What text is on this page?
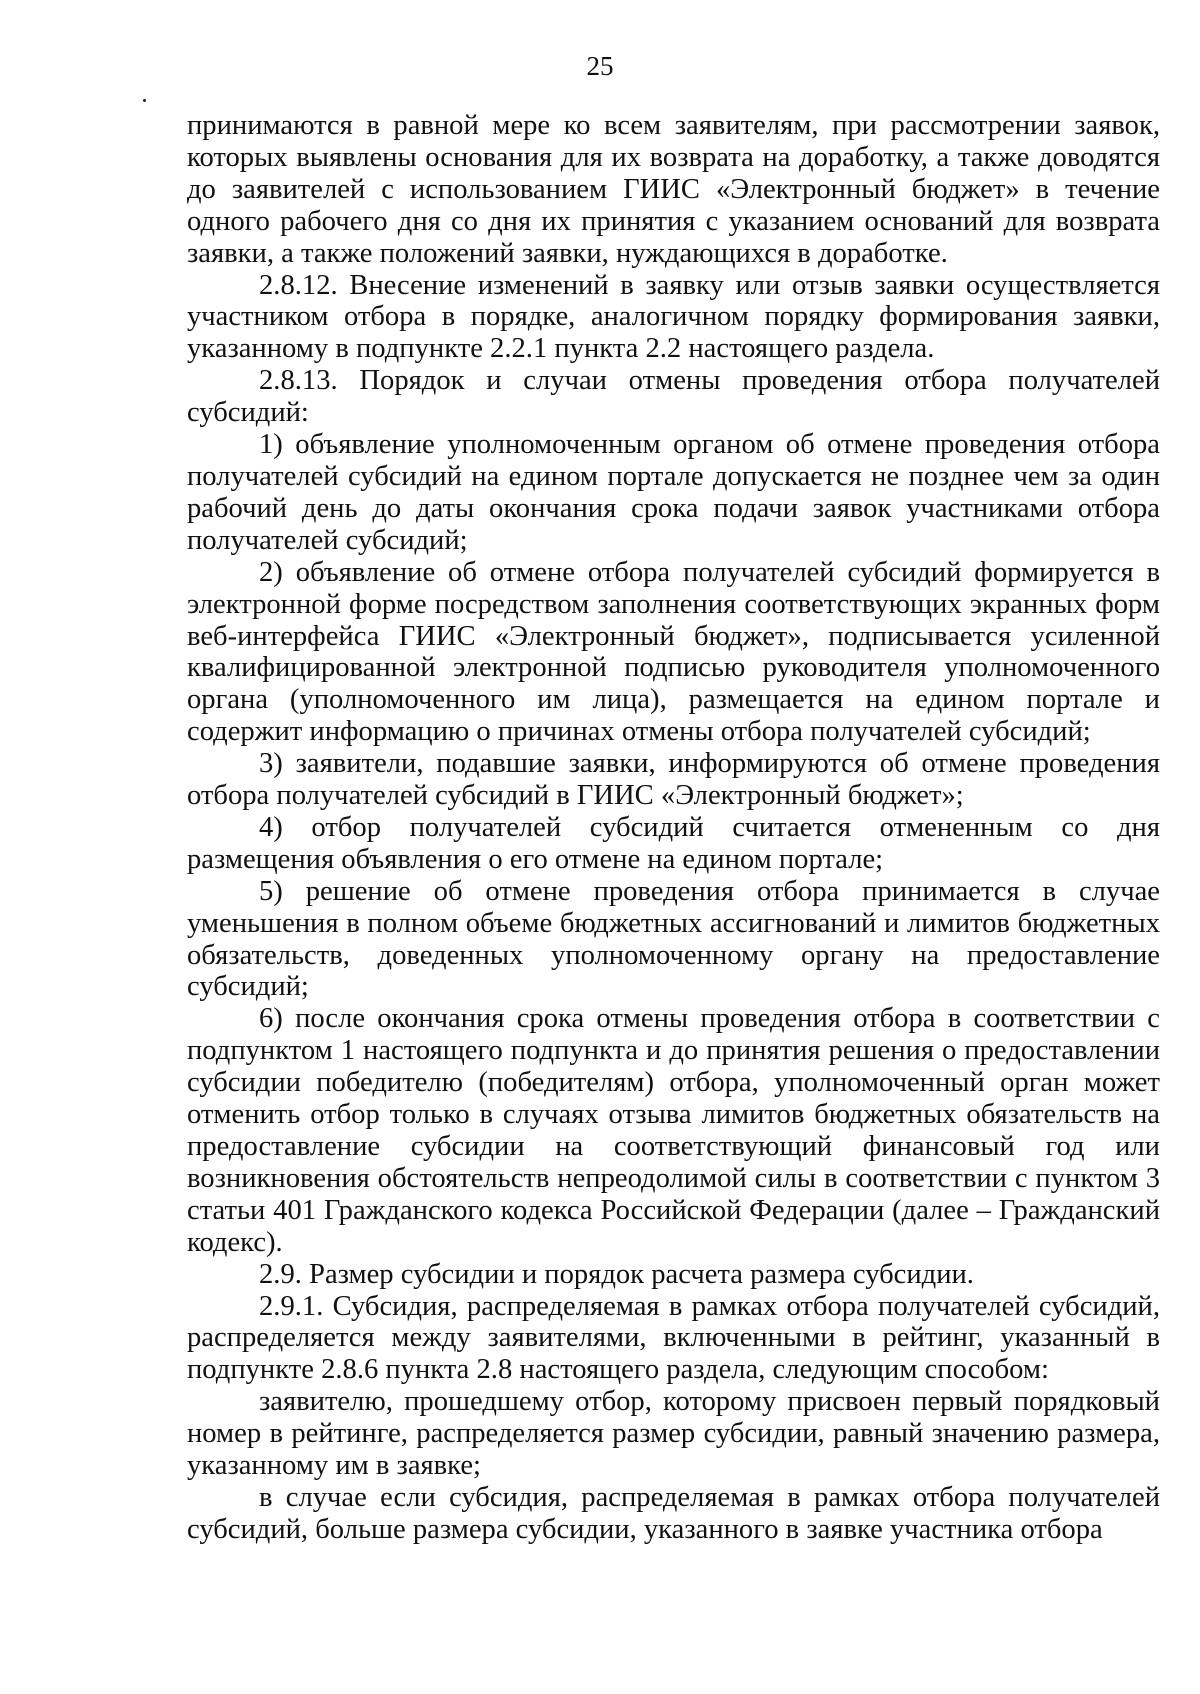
25

принимаются в равной мере ко всем заявителям, при рассмотрении заявок, которых выявлены основания для их возврата на доработку, а также доводятся до заявителей с использованием ГИИС «Электронный бюджет» в течение одного рабочего дня со дня их принятия с указанием оснований для возврата заявки, а также положений заявки, нуждающихся в доработке.

2.8.12. Внесение изменений в заявку или отзыв заявки осуществляется участником отбора в порядке, аналогичном порядку формирования заявки, указанному в подпункте 2.2.1 пункта 2.2 настоящего раздела.

2.8.13. Порядок и случаи отмены проведения отбора получателей субсидий:

1) объявление уполномоченным органом об отмене проведения отбора получателей субсидий на едином портале допускается не позднее чем за один рабочий день до даты окончания срока подачи заявок участниками отбора получателей субсидий;

2) объявление об отмене отбора получателей субсидий формируется в электронной форме посредством заполнения соответствующих экранных форм веб-интерфейса ГИИС «Электронный бюджет», подписывается усиленной квалифицированной электронной подписью руководителя уполномоченного органа (уполномоченного им лица), размещается на едином портале и содержит информацию о причинах отмены отбора получателей субсидий;

3) заявители, подавшие заявки, информируются об отмене проведения отбора получателей субсидий в ГИИС «Электронный бюджет»;

4) отбор получателей субсидий считается отмененным со дня размещения объявления о его отмене на едином портале;

5) решение об отмене проведения отбора принимается в случае уменьшения в полном объеме бюджетных ассигнований и лимитов бюджетных обязательств, доведенных уполномоченному органу на предоставление субсидий;

6) после окончания срока отмены проведения отбора в соответствии с подпунктом 1 настоящего подпункта и до принятия решения о предоставлении субсидии победителю (победителям) отбора, уполномоченный орган может отменить отбор только в случаях отзыва лимитов бюджетных обязательств на предоставление субсидии на соответствующий финансовый год или возникновения обстоятельств непреодолимой силы в соответствии с пунктом 3 статьи 401 Гражданского кодекса Российской Федерации (далее – Гражданский кодекс).

2.9. Размер субсидии и порядок расчета размера субсидии.

2.9.1. Субсидия, распределяемая в рамках отбора получателей субсидий, распределяется между заявителями, включенными в рейтинг, указанный в подпункте 2.8.6 пункта 2.8 настоящего раздела, следующим способом:

заявителю, прошедшему отбор, которому присвоен первый порядковый номер в рейтинге, распределяется размер субсидии, равный значению размера, указанному им в заявке;

в случае если субсидия, распределяемая в рамках отбора получателей субсидий, больше размера субсидии, указанного в заявке участника отбора
